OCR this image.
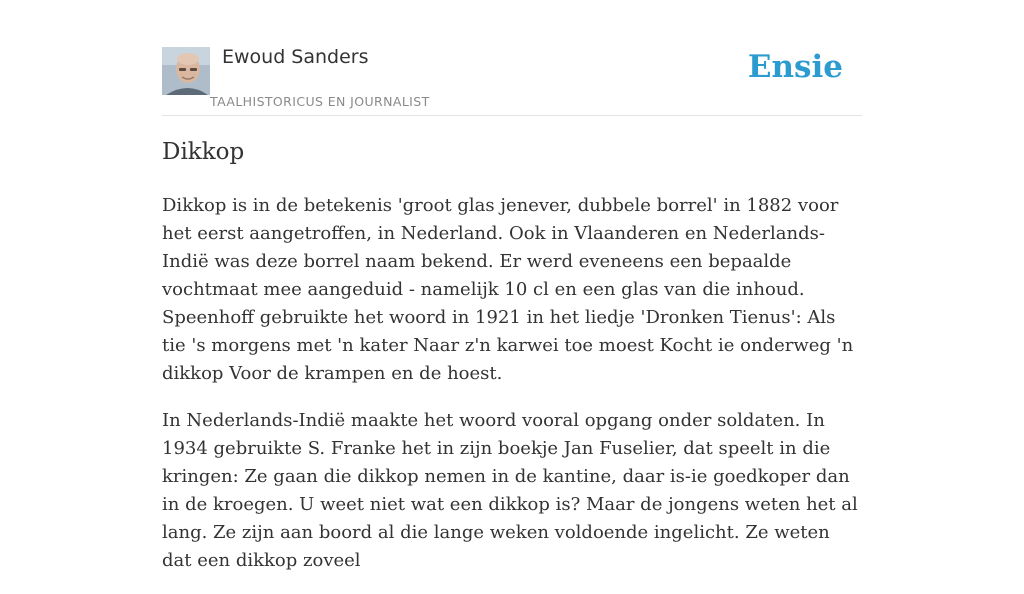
Ewoud Sanders
TAALHISTORICUS EN JOURNALIST
Ensie
Dikkop

Dikkop is in de betekenis 'groot glas jenever, dubbele borrel' in 1882 voor het eerst aangetroffen, in Nederland. Ook in Vlaanderen en Nederlands-Indië was deze borrel naam bekend. Er werd eveneens een bepaalde vochtmaat mee aangeduid - namelijk 10 cl en een glas van die inhoud. Speenhoff gebruikte het woord in 1921 in het liedje 'Dronken Tienus': Als tie 's morgens met 'n kater Naar z'n karwei toe moest Kocht ie onderweg 'n dikkop Voor de krampen en de hoest.

In Nederlands-Indië maakte het woord vooral opgang onder soldaten. In 1934 gebruikte S. Franke het in zijn boekje Jan Fuselier, dat speelt in die kringen: Ze gaan die dikkop nemen in de kantine, daar is-ie goedkoper dan in de kroegen. U weet niet wat een dikkop is? Maar de jongens weten het al lang. Ze zijn aan boord al die lange weken voldoende ingelicht. Ze weten dat een dikkop zoveel
